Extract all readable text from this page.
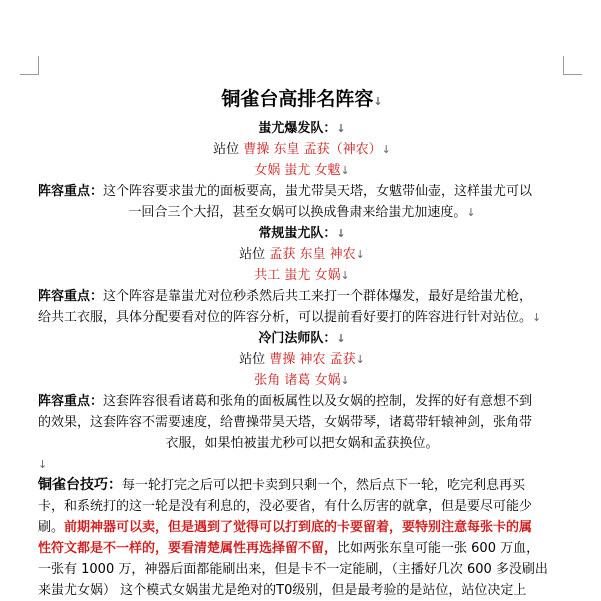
铜雀台高排名阵容↓
蚩尤爆发队：↓
站位 曹操 东皇 孟获（神农）↓
女娲 蚩尤 女魃↓
阵容重点：这个阵容要求蚩尤的面板要高，蚩尤带昊天塔，女魃带仙壶，这样蚩尤可以
一回合三个大招，甚至女娲可以换成鲁肃来给蚩尤加速度。↓
常规蚩尤队：↓
站位 孟获 东皇 神农↓
共工 蚩尤 女娲↓
阵容重点：这个阵容是靠蚩尤对位秒杀然后共工来打一个群体爆发，最好是给蚩尤枪，
给共工衣服，具体分配要看对位的阵容分析，可以提前看好要打的阵容进行针对站位。↓
冷门法师队：↓
站位 曹操 神农 孟获↓
张角 诸葛 女娲↓
阵容重点：这套阵容很看诸葛和张角的面板属性以及女娲的控制，发挥的好有意想不到
的效果，这套阵容不需要速度，给曹操带昊天塔，女娲带琴，诸葛带轩辕神剑，张角带
衣服，如果怕被蚩尤秒可以把女娲和孟获换位。
↓
铜雀台技巧：每一轮打完之后可以把卡卖到只剩一个，然后点下一轮，吃完利息再买
卡，和系统打的这一轮是没有利息的，没必要省，有什么厉害的就拿，但是要尽可能少
刷。前期神器可以卖，但是遇到了觉得可以打到底的卡要留着，要特别注意每张卡的属
性符文都是不一样的，要看清楚属性再选择留不留，比如两张东皇可能一张 600 万血，
一张有 1000 万，神器后面都能刷出来，但是卡不一定能刷，（主播好几次 600 多没刷出
来蚩尤女娲） 这个模式女娲蚩尤是绝对的T0级别，但是最考验的是站位，站位决定上
